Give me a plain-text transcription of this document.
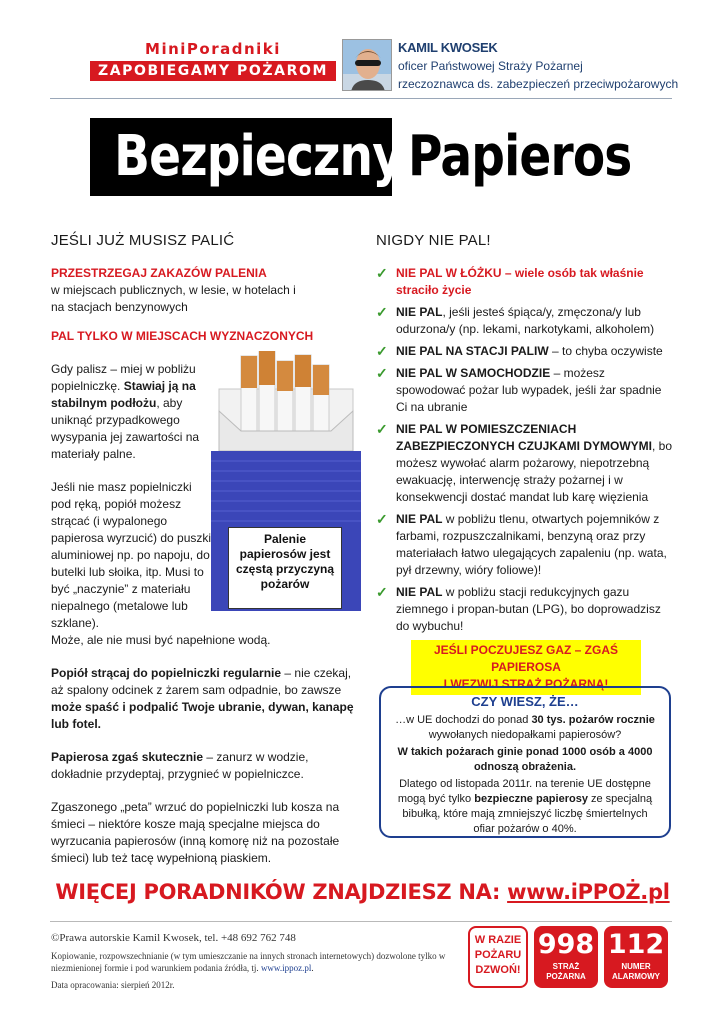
MiniPoradniki
ZAPOBIEGAMY POŻAROM
KAMIL KWOSEK
oficer Państwowej Straży Pożarnej
rzeczoznawca ds. zabezpieczeń przeciwpożarowych
Bezpieczny Papieros
JEŚLI JUŻ MUSISZ PALIĆ
PRZESTRZEGAJ ZAKAZÓW PALENIA
w miejscach publicznych, w lesie, w hotelach i na stacjach benzynowych
PAL TYLKO W MIEJSCACH WYZNACZONYCH
Gdy palisz – miej w pobliżu popielniczkę. Stawiaj ją na stabilnym podłożu, aby uniknąć przypadkowego wysypania jej zawartości na materiały palne.
Jeśli nie masz popielniczki pod ręką, popiół możesz strącać (i wypalonego papierosa wyrzucić) do puszki aluminiowej np. po napoju, do butelki lub słoika, itp. Musi to być „naczynie” z materiału niepalnego (metalowe lub szklane).
Może, ale nie musi być napełnione wodą.
Popiół strącaj do popielniczki regularnie – nie czekaj, aż spalony odcinek z żarem sam odpadnie, bo zawsze może spaść i podpalić Twoje ubranie, dywan, kanapę lub fotel.
Papierosa zgaś skutecznie – zanurz w wodzie, dokładnie przydeptaj, przygnieć w popielniczce.
Zgaszonego „peta” wrzuć do popielniczki lub kosza na śmieci – niektóre kosze mają specjalne miejsca do wyrzucania papierosów (inną komorę niż na pozostałe śmieci) lub też tacę wypełnioną piaskiem.
Palenie papierosów jest częstą przyczyną pożarów
NIGDY NIE PAL!
✓ NIE PAL W ŁÓŻKU – wiele osób tak właśnie straciło życie
✓ NIE PAL, jeśli jesteś śpiąca/y, zmęczona/y lub odurzona/y (np. lekami, narkotykami, alkoholem)
✓ NIE PAL NA STACJI PALIW – to chyba oczywiste
✓ NIE PAL W SAMOCHODZIE – możesz spowodować pożar lub wypadek, jeśli żar spadnie Ci na ubranie
✓ NIE PAL W POMIESZCZENIACH ZABEZPIECZONYCH CZUJKAMI DYMOWYMI, bo możesz wywołać alarm pożarowy, niepotrzebną ewakuację, interwencję straży pożarnej i w konsekwencji dostać mandat lub karę więzienia
✓ NIE PAL w pobliżu tlenu, otwartych pojemników z farbami, rozpuszczalnikami, benzyną oraz przy materiałach łatwo ulegających zapaleniu (np. wata, pył drzewny, wióry foliowe)!
✓ NIE PAL w pobliżu stacji redukcyjnych gazu ziemnego i propan-butan (LPG), bo doprowadzisz do wybuchu!
JEŚLI POCZUJESZ GAZ – ZGAŚ PAPIEROSA
I WEZWIJ STRAŻ POŻARNĄ!
CZY WIESZ, ŻE…
…w UE dochodzi do ponad 30 tys. pożarów rocznie wywołanych niedopałkami papierosów?
W takich pożarach ginie ponad 1000 osób a 4000 odnoszą obrażenia.
Dlatego od listopada 2011r. na terenie UE dostępne mogą być tylko bezpieczne papierosy ze specjalną bibułką, które mają zmniejszyć liczbę śmiertelnych ofiar pożarów o 40%.
WIĘCEJ PORADNIKÓW ZNAJDZIESZ NA: www.iPPOŻ.pl
©Prawa autorskie Kamil Kwosek, tel. +48 692 762 748
Kopiowanie, rozpowszechnianie (w tym umieszczanie na innych stronach internetowych) dozwolone tylko w niezmienionej formie i pod warunkiem podania źródła, tj. www.ippoz.pl.
Data opracowania: sierpień 2012r.
W RAZIE POŻARU DZWOŃ!
998
STRAŻ POŻARNA
112
NUMER ALARMOWY
